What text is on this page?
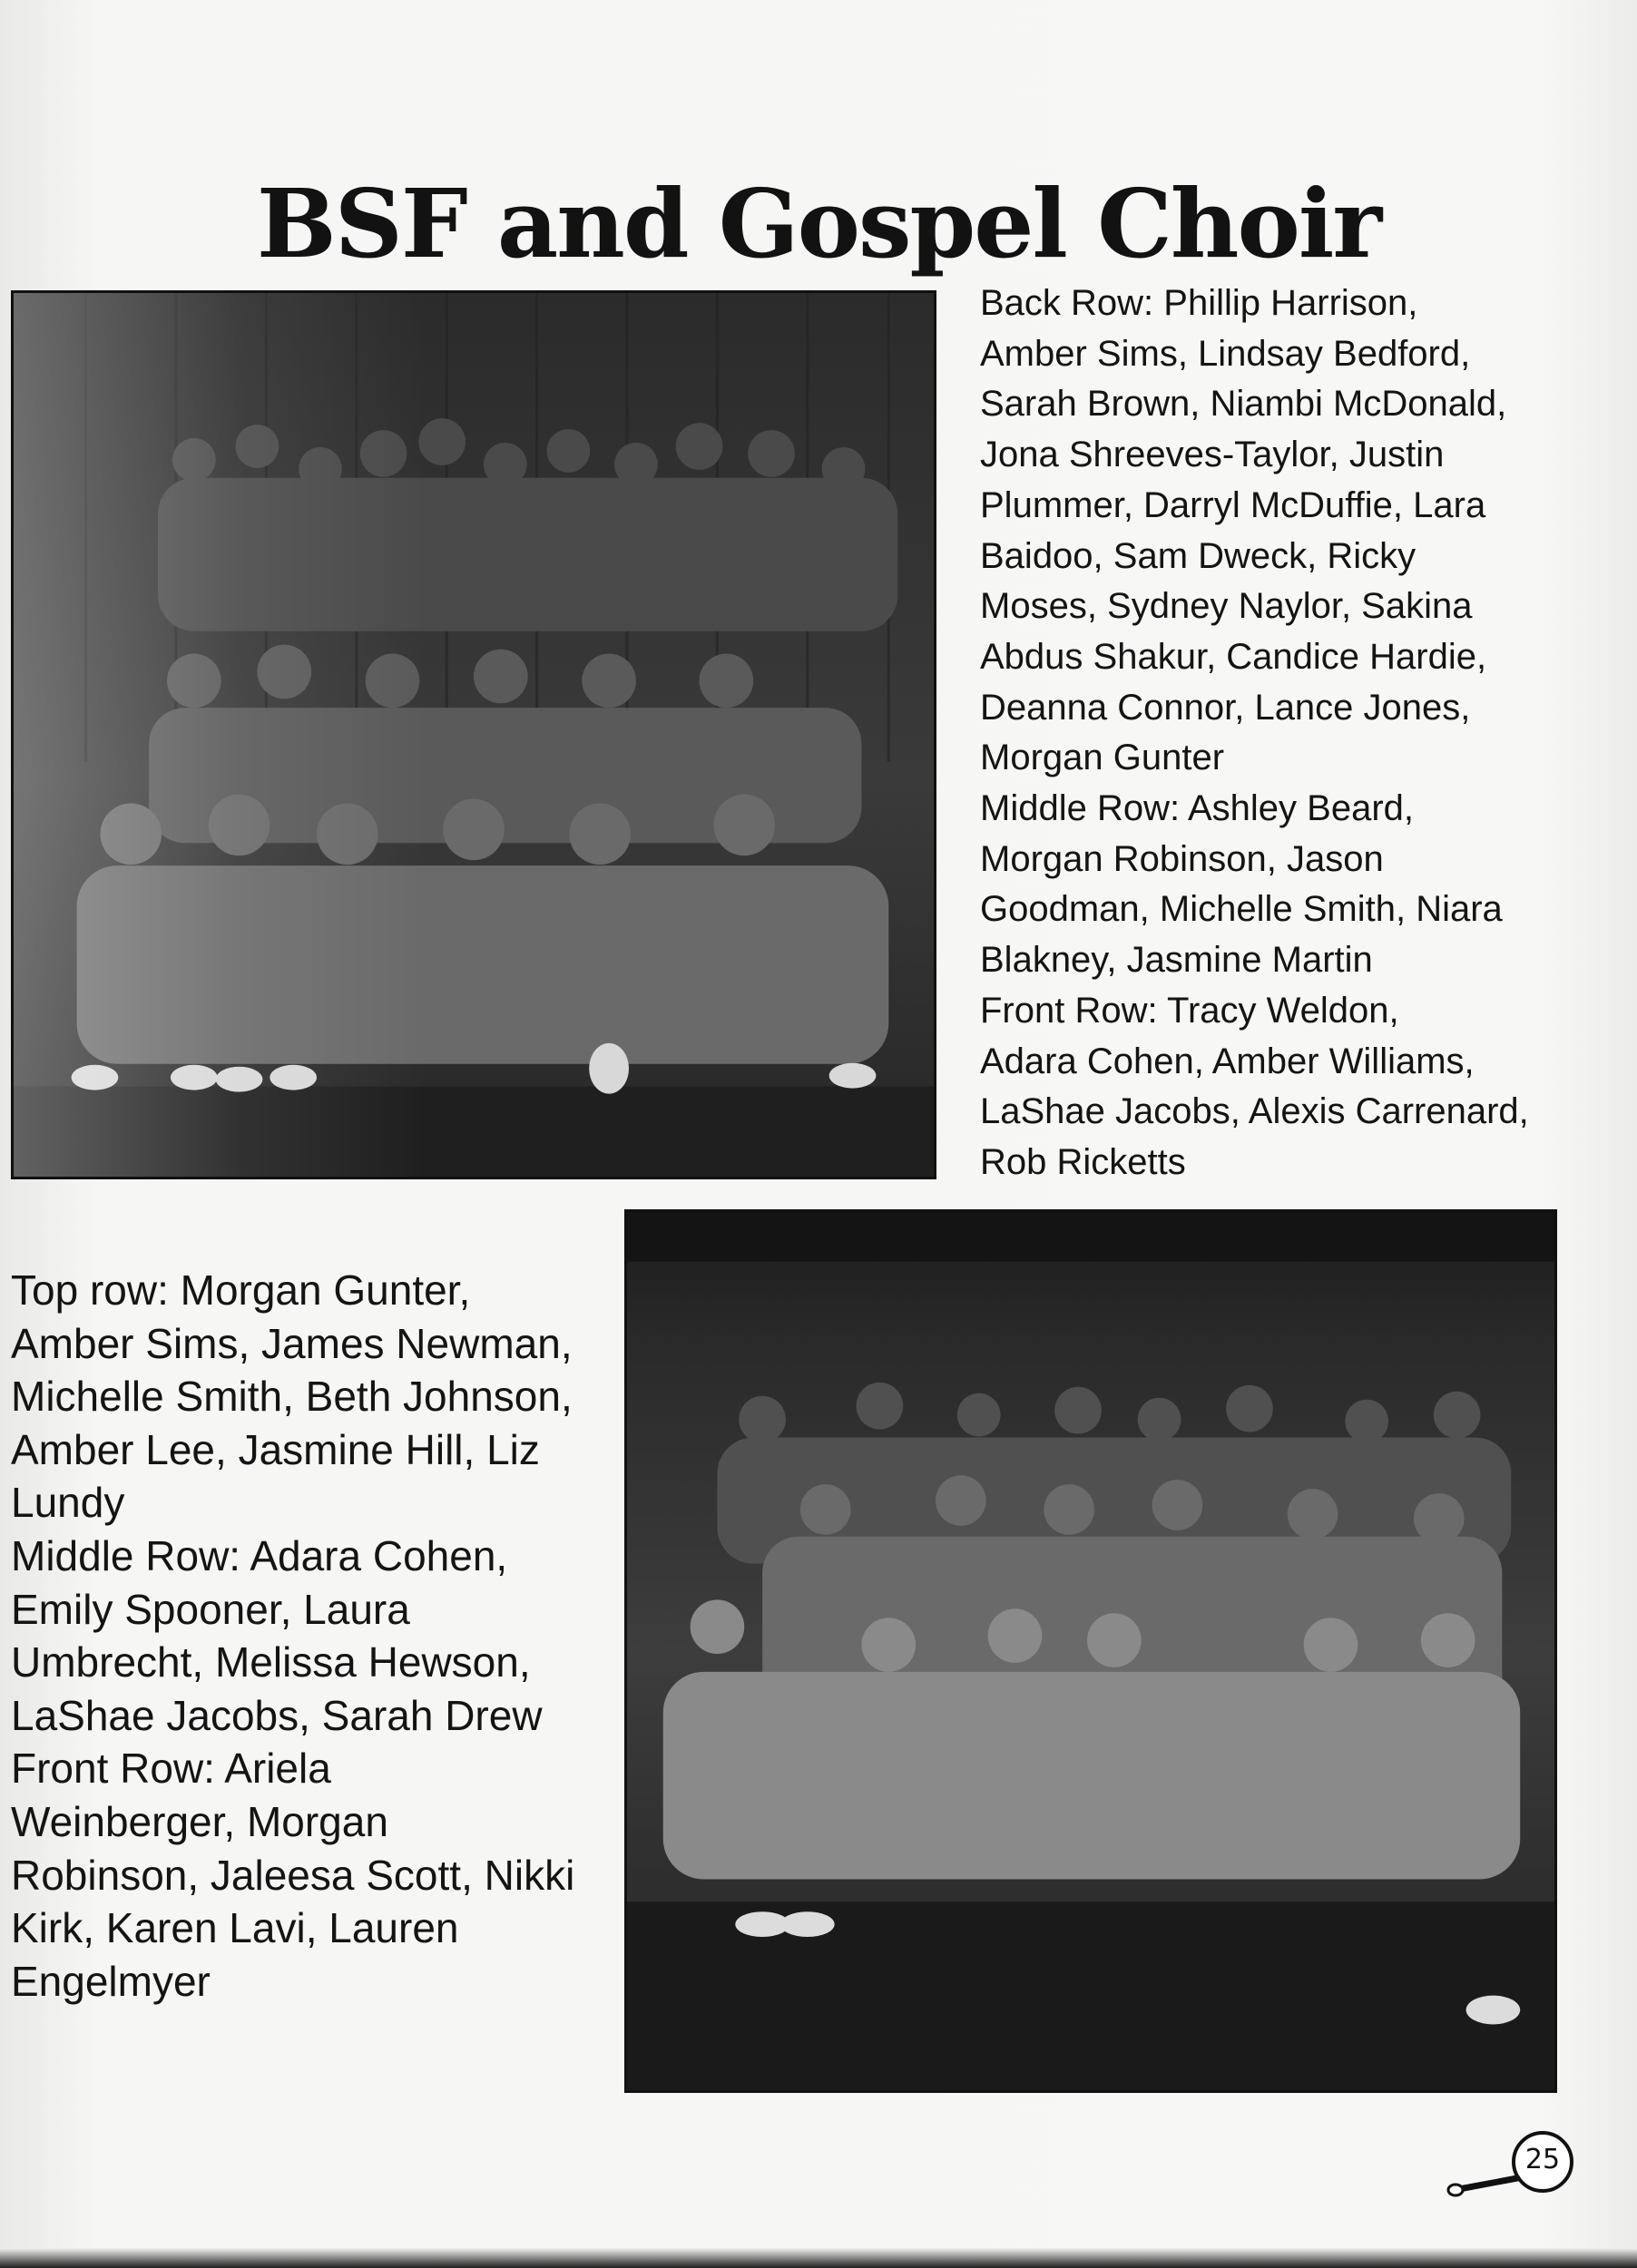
BSF and Gospel Choir
Back Row: Phillip Harrison,
Amber Sims, Lindsay Bedford,
Sarah Brown, Niambi McDonald,
Jona Shreeves-Taylor, Justin
Plummer, Darryl McDuffie, Lara
Baidoo, Sam Dweck, Ricky
Moses, Sydney Naylor, Sakina
Abdus Shakur, Candice Hardie,
Deanna Connor, Lance Jones,
Morgan Gunter
Middle Row: Ashley Beard,
Morgan Robinson, Jason
Goodman, Michelle Smith, Niara
Blakney, Jasmine Martin
Front Row: Tracy Weldon,
Adara Cohen, Amber Williams,
LaShae Jacobs, Alexis Carrenard,
Rob Ricketts
Top row: Morgan Gunter,
Amber Sims, James Newman,
Michelle Smith, Beth Johnson,
Amber Lee, Jasmine Hill, Liz
Lundy
Middle Row: Adara Cohen,
Emily Spooner, Laura
Umbrecht, Melissa Hewson,
LaShae Jacobs, Sarah Drew
Front Row: Ariela
Weinberger, Morgan
Robinson, Jaleesa Scott, Nikki
Kirk, Karen Lavi, Lauren
Engelmyer
25
